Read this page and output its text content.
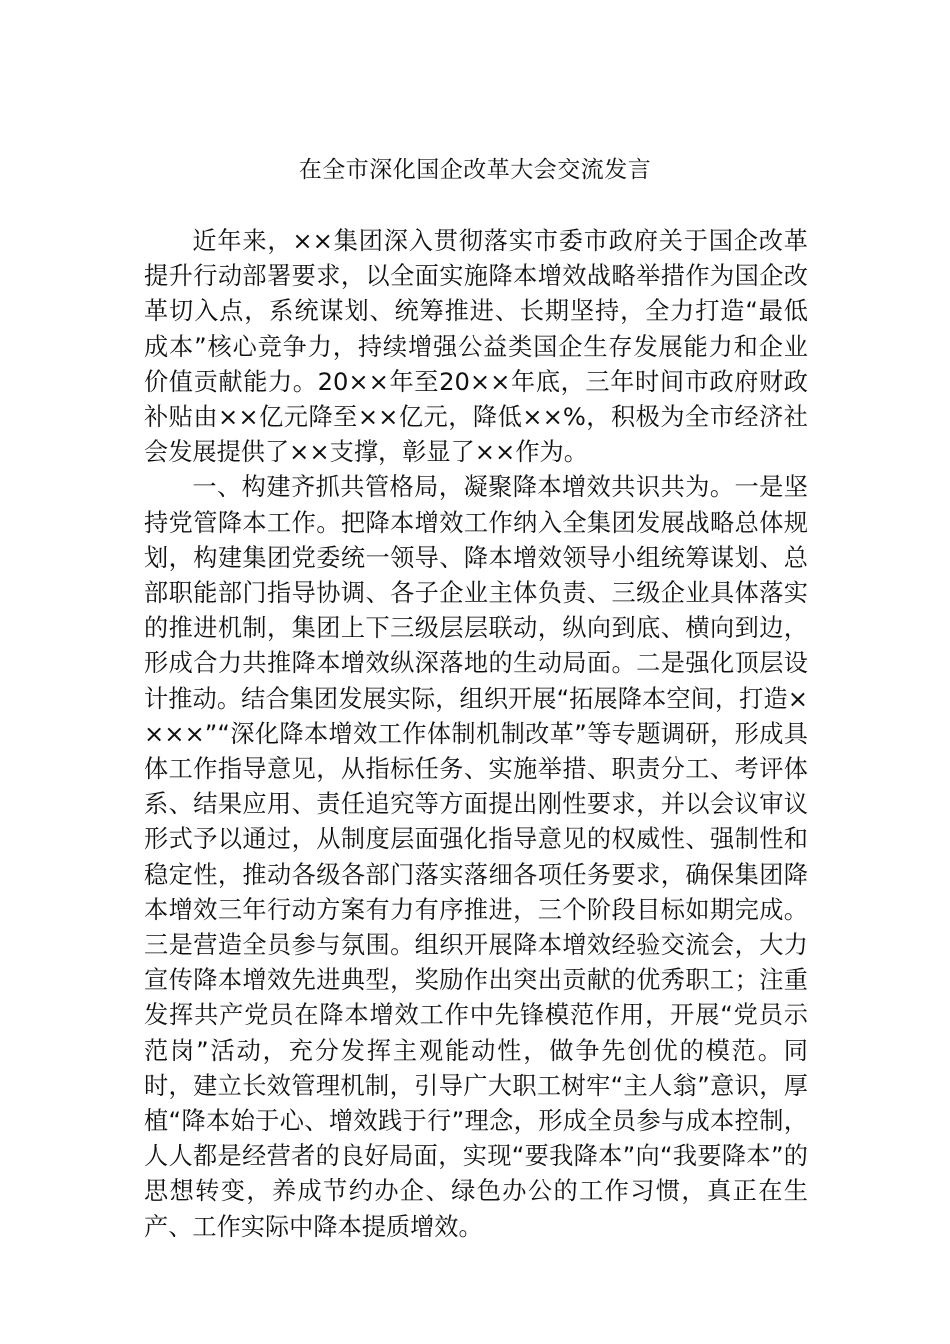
在全市深化国企改革大会交流发言

近年来，××集团深入贯彻落实市委市政府关于国企改革提升行动部署要求，以全面实施降本增效战略举措作为国企改革切入点，系统谋划、统筹推进、长期坚持，全力打造“最低成本”核心竞争力，持续增强公益类国企生存发展能力和企业价值贡献能力。20××年至20××年底，三年时间市政府财政补贴由××亿元降至××亿元，降低××%，积极为全市经济社会发展提供了××支撑，彰显了××作为。

一、构建齐抓共管格局，凝聚降本增效共识共为。一是坚持党管降本工作。把降本增效工作纳入全集团发展战略总体规划，构建集团党委统一领导、降本增效领导小组统筹谋划、总部职能部门指导协调、各子企业主体负责、三级企业具体落实的推进机制，集团上下三级层层联动，纵向到底、横向到边，形成合力共推降本增效纵深落地的生动局面。二是强化顶层设计推动。结合集团发展实际，组织开展“拓展降本空间，打造××××”“深化降本增效工作体制机制改革”等专题调研，形成具体工作指导意见，从指标任务、实施举措、职责分工、考评体系、结果应用、责任追究等方面提出刚性要求，并以会议审议形式予以通过，从制度层面强化指导意见的权威性、强制性和稳定性，推动各级各部门落实落细各项任务要求，确保集团降本增效三年行动方案有力有序推进，三个阶段目标如期完成。三是营造全员参与氛围。组织开展降本增效经验交流会，大力宣传降本增效先进典型，奖励作出突出贡献的优秀职工；注重发挥共产党员在降本增效工作中先锋模范作用，开展“党员示范岗”活动，充分发挥主观能动性，做争先创优的模范。同时，建立长效管理机制，引导广大职工树牢“主人翁”意识，厚植“降本始于心、增效践于行”理念，形成全员参与成本控制，人人都是经营者的良好局面，实现“要我降本”向“我要降本”的思想转变，养成节约办企、绿色办公的工作习惯，真正在生产、工作实际中降本提质增效。
